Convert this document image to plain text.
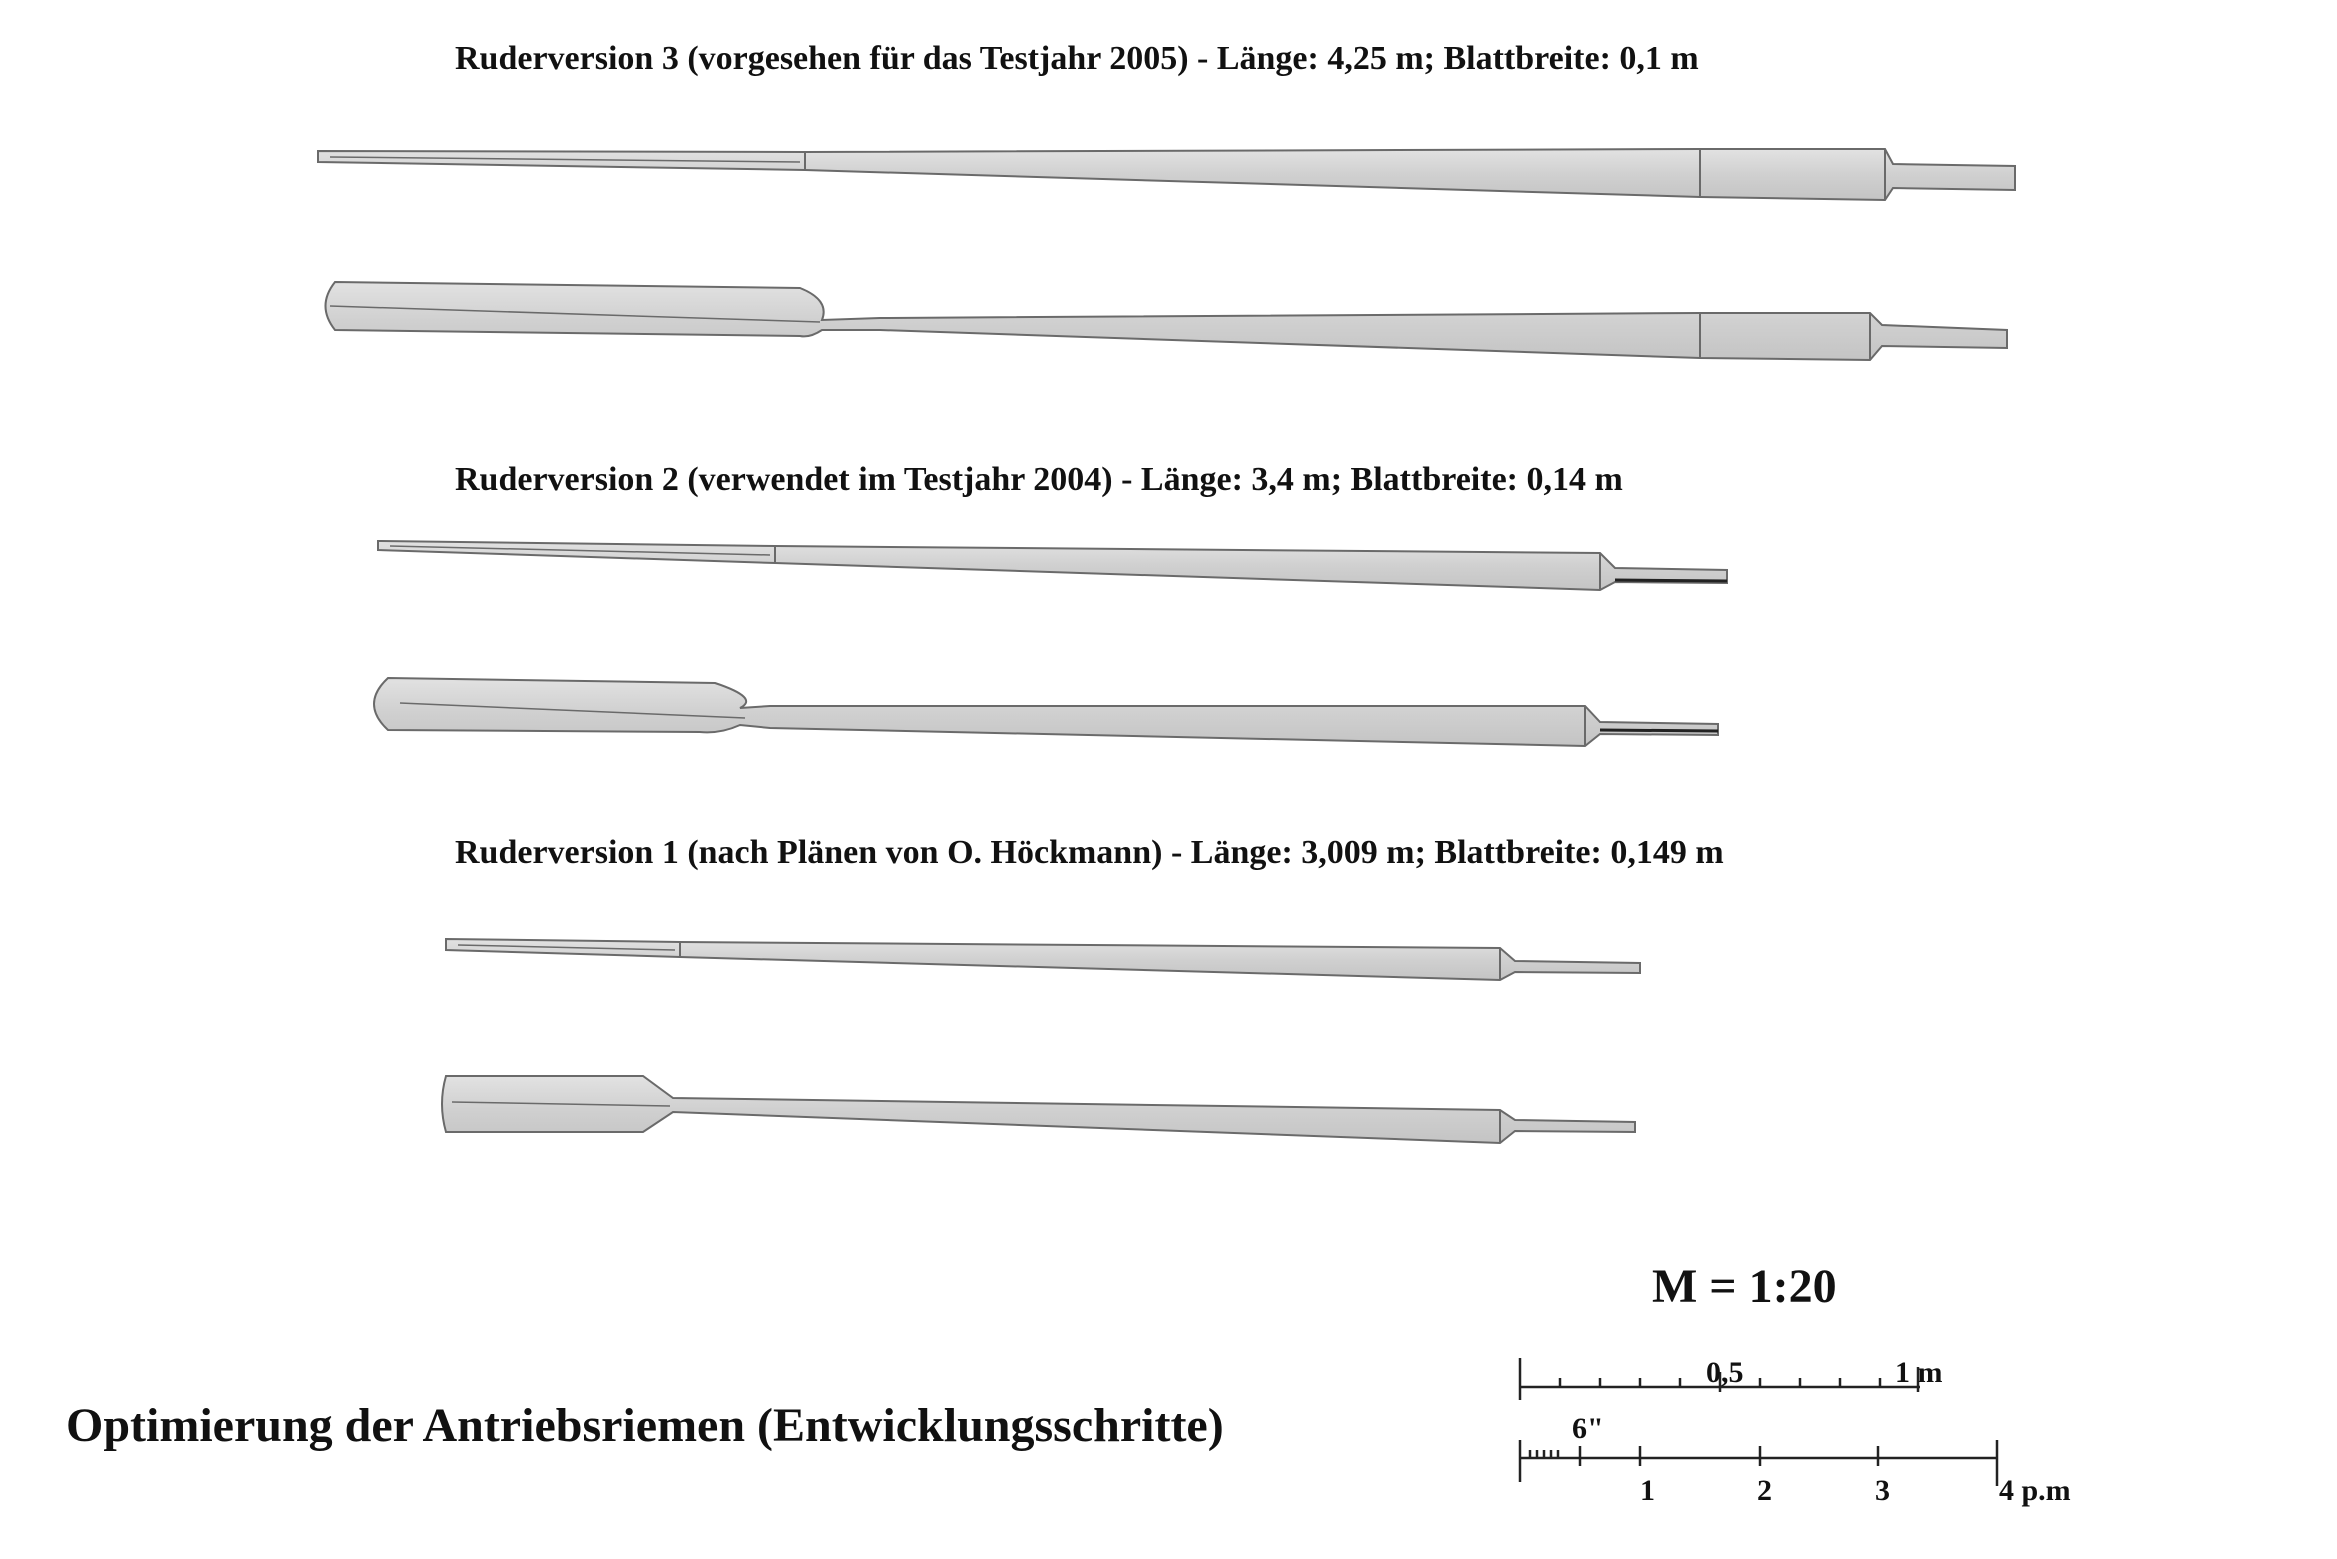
Ruderversion 3 (vorgesehen für das Testjahr 2005) - Länge: 4,25 m; Blattbreite: 0,1 m
Ruderversion 2 (verwendet im Testjahr 2004) - Länge: 3,4 m; Blattbreite: 0,14 m
Ruderversion 1 (nach Plänen von O. Höckmann) - Länge: 3,009 m; Blattbreite: 0,149 m
M = 1:20
0,5	1 m
6"
1	2	3	4 p.m
Optimierung der Antriebsriemen (Entwicklungsschritte)
